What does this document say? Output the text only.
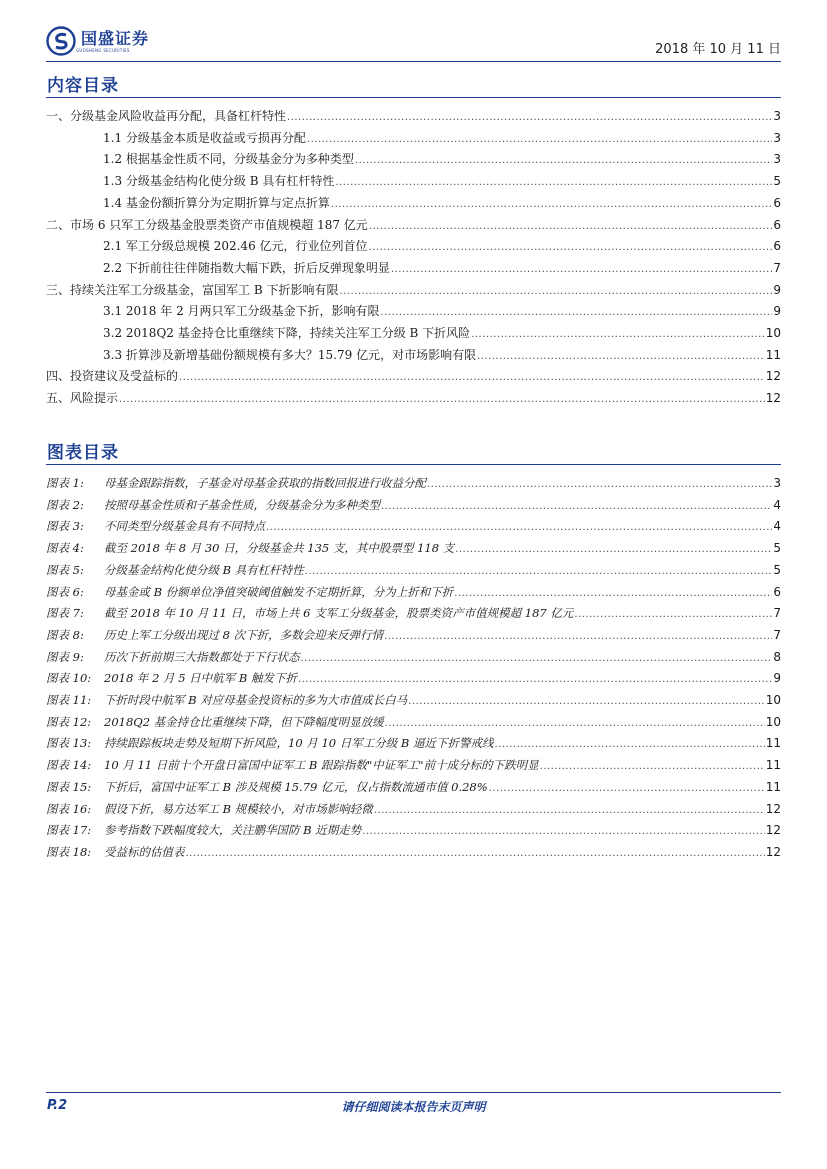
国盛证券
GUOSHENG SECURITIES	2018 年 10 月 11 日
内容目录
一、分级基金风险收益再分配，具备杠杆特性 .....	3
1.1 分级基金本质是收益或亏损再分配 .....	3
1.2 根据基金性质不同，分级基金分为多种类型 .....	3
1.3 分级基金结构化使分级 B 具有杠杆特性 .....	5
1.4 基金份额折算分为定期折算与定点折算 .....	6
二、市场 6 只军工分级基金股票类资产市值规模超 187 亿元 .....	6
2.1 军工分级总规模 202.46 亿元，行业位列首位 .....	6
2.2 下折前往往伴随指数大幅下跌，折后反弹现象明显 .....	7
三、持续关注军工分级基金，富国军工 B 下折影响有限 .....	9
3.1 2018 年 2 月两只军工分级基金下折，影响有限 .....	9
3.2 2018Q2 基金持仓比重继续下降，持续关注军工分级 B 下折风险 .....	10
3.3 折算涉及新增基础份额规模有多大？15.79 亿元，对市场影响有限 .....	11
四、投资建议及受益标的 .....	12
五、风险提示 .....	12
图表目录
图表 1: 母基金跟踪指数，子基金对母基金获取的指数回报进行收益分配 .....	3
图表 2: 按照母基金性质和子基金性质，分级基金分为多种类型 .....	4
图表 3: 不同类型分级基金具有不同特点 .....	4
图表 4: 截至 2018 年 8 月 30 日，分级基金共 135 支，其中股票型 118 支 .....	5
图表 5: 分级基金结构化使分级 B 具有杠杆特性 .....	5
图表 6: 母基金或 B 份额单位净值突破阈值触发不定期折算，分为上折和下折 .....	6
图表 7: 截至 2018 年 10 月 11 日，市场上共 6 支军工分级基金，股票类资产市值规模超 187 亿元 .....	7
图表 8: 历史上军工分级出现过 8 次下折，多数会迎来反弹行情 .....	7
图表 9: 历次下折前期三大指数都处于下行状态 .....	8
图表 10: 2018 年 2 月 5 日中航军 B 触发下折 .....	9
图表 11: 下折时段中航军 B 对应母基金投资标的多为大市值成长白马 .....	10
图表 12: 2018Q2 基金持仓比重继续下降，但下降幅度明显放缓 .....	10
图表 13: 持续跟踪板块走势及短期下折风险，10 月 10 日军工分级 B 逼近下折警戒线 .....	11
图表 14: 10 月 11 日前十个开盘日富国中证军工 B 跟踪指数"中证军工"前十成分标的下跌明显 .....	11
图表 15: 下折后，富国中证军工 B 涉及规模 15.79 亿元，仅占指数流通市值 0.28% .....	11
图表 16: 假设下折，易方达军工 B 规模较小，对市场影响轻微 .....	12
图表 17: 参考指数下跌幅度较大，关注鹏华国防 B 近期走势 .....	12
图表 18: 受益标的估值表 .....	12
P.2	请仔细阅读本报告末页声明
